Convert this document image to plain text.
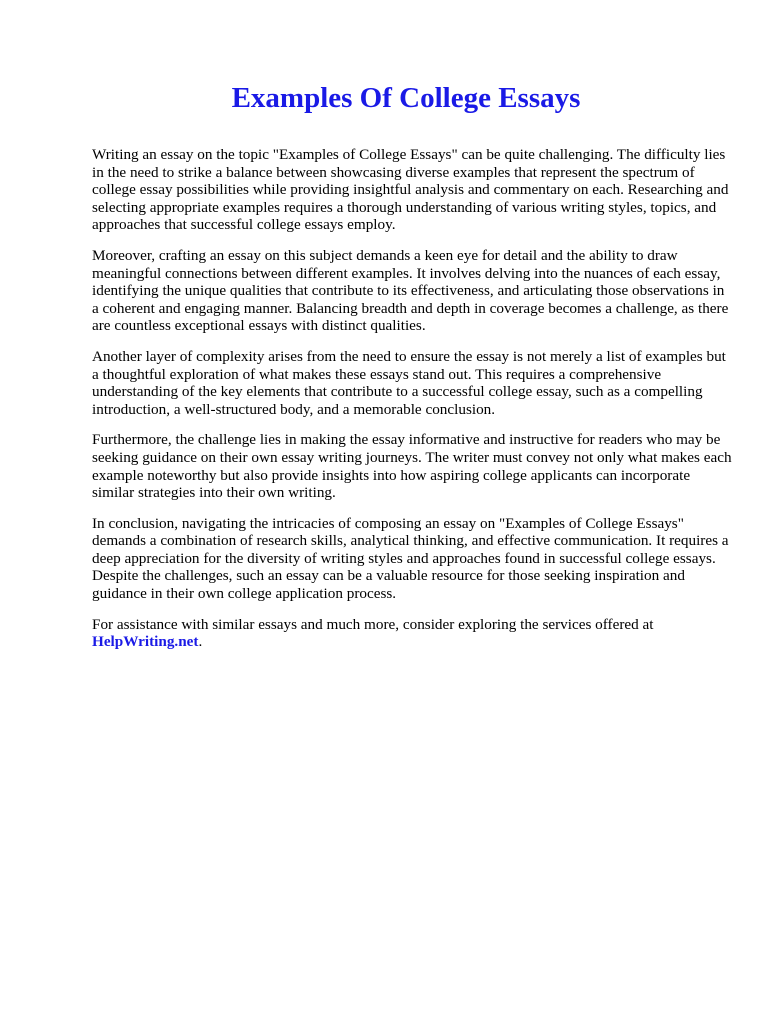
Examples Of College Essays

Writing an essay on the topic "Examples of College Essays" can be quite challenging. The difficulty lies in the need to strike a balance between showcasing diverse examples that represent the spectrum of college essay possibilities while providing insightful analysis and commentary on each. Researching and selecting appropriate examples requires a thorough understanding of various writing styles, topics, and approaches that successful college essays employ.

Moreover, crafting an essay on this subject demands a keen eye for detail and the ability to draw meaningful connections between different examples. It involves delving into the nuances of each essay, identifying the unique qualities that contribute to its effectiveness, and articulating those observations in a coherent and engaging manner. Balancing breadth and depth in coverage becomes a challenge, as there are countless exceptional essays with distinct qualities.

Another layer of complexity arises from the need to ensure the essay is not merely a list of examples but a thoughtful exploration of what makes these essays stand out. This requires a comprehensive understanding of the key elements that contribute to a successful college essay, such as a compelling introduction, a well-structured body, and a memorable conclusion.

Furthermore, the challenge lies in making the essay informative and instructive for readers who may be seeking guidance on their own essay writing journeys. The writer must convey not only what makes each example noteworthy but also provide insights into how aspiring college applicants can incorporate similar strategies into their own writing.

In conclusion, navigating the intricacies of composing an essay on "Examples of College Essays" demands a combination of research skills, analytical thinking, and effective communication. It requires a deep appreciation for the diversity of writing styles and approaches found in successful college essays. Despite the challenges, such an essay can be a valuable resource for those seeking inspiration and guidance in their own college application process.

For assistance with similar essays and much more, consider exploring the services offered at
HelpWriting.net.
